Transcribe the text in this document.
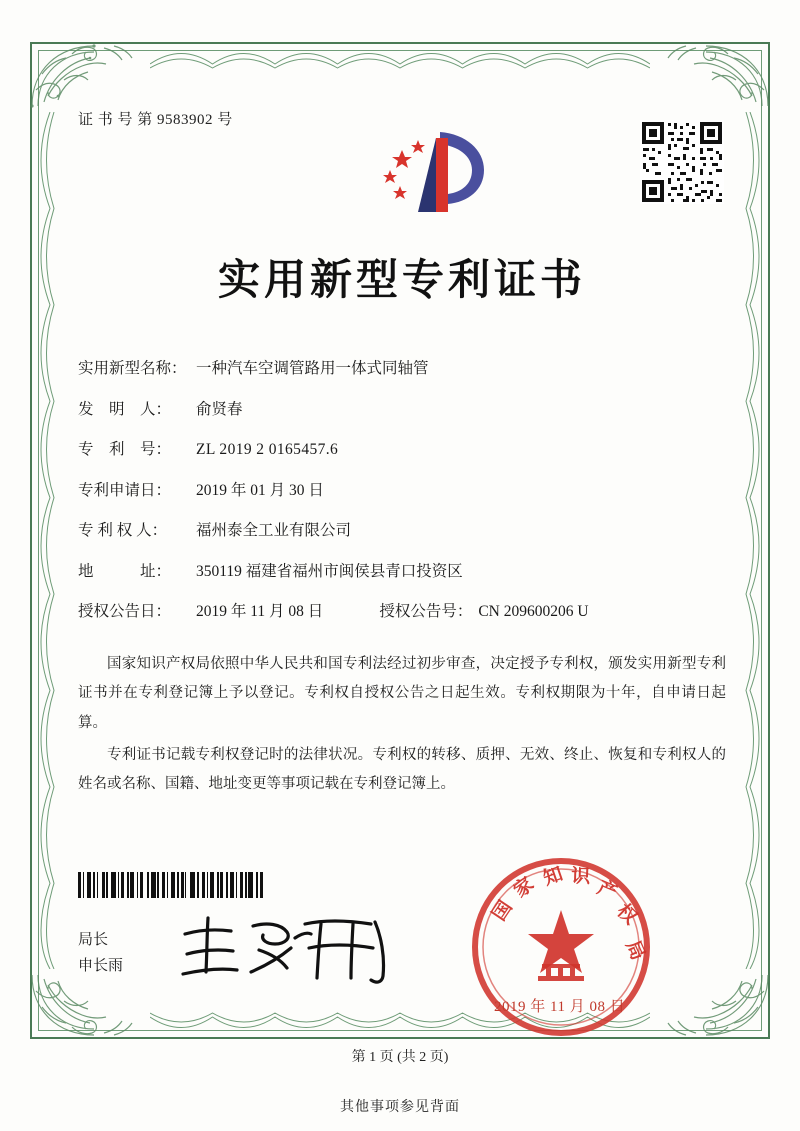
证 书 号 第 9583902 号
实用新型专利证书
实用新型名称： 一种汽车空调管路用一体式同轴管
发　明　人：	俞贤春
专　利　号：	ZL 2019 2 0165457.6
专利申请日：	2019 年 01 月 30 日
专 利 权 人：	福州泰全工业有限公司
地　　　址：	350119 福建省福州市闽侯县青口投资区
授权公告日：	2019 年 11 月 08 日	授权公告号： CN 209600206 U

国家知识产权局依照中华人民共和国专利法经过初步审查，决定授予专利权，颁发实用新型专利证书并在专利登记簿上予以登记。专利权自授权公告之日起生效。专利权期限为十年，自申请日起算。

专利证书记载专利权登记时的法律状况。专利权的转移、质押、无效、终止、恢复和专利权人的姓名或名称、国籍、地址变更等事项记载在专利登记簿上。

局长
申长雨
国
家 知 识
产
权
局
2019 年 11 月 08 日
第 1 页 (共 2 页)
其他事项参见背面
